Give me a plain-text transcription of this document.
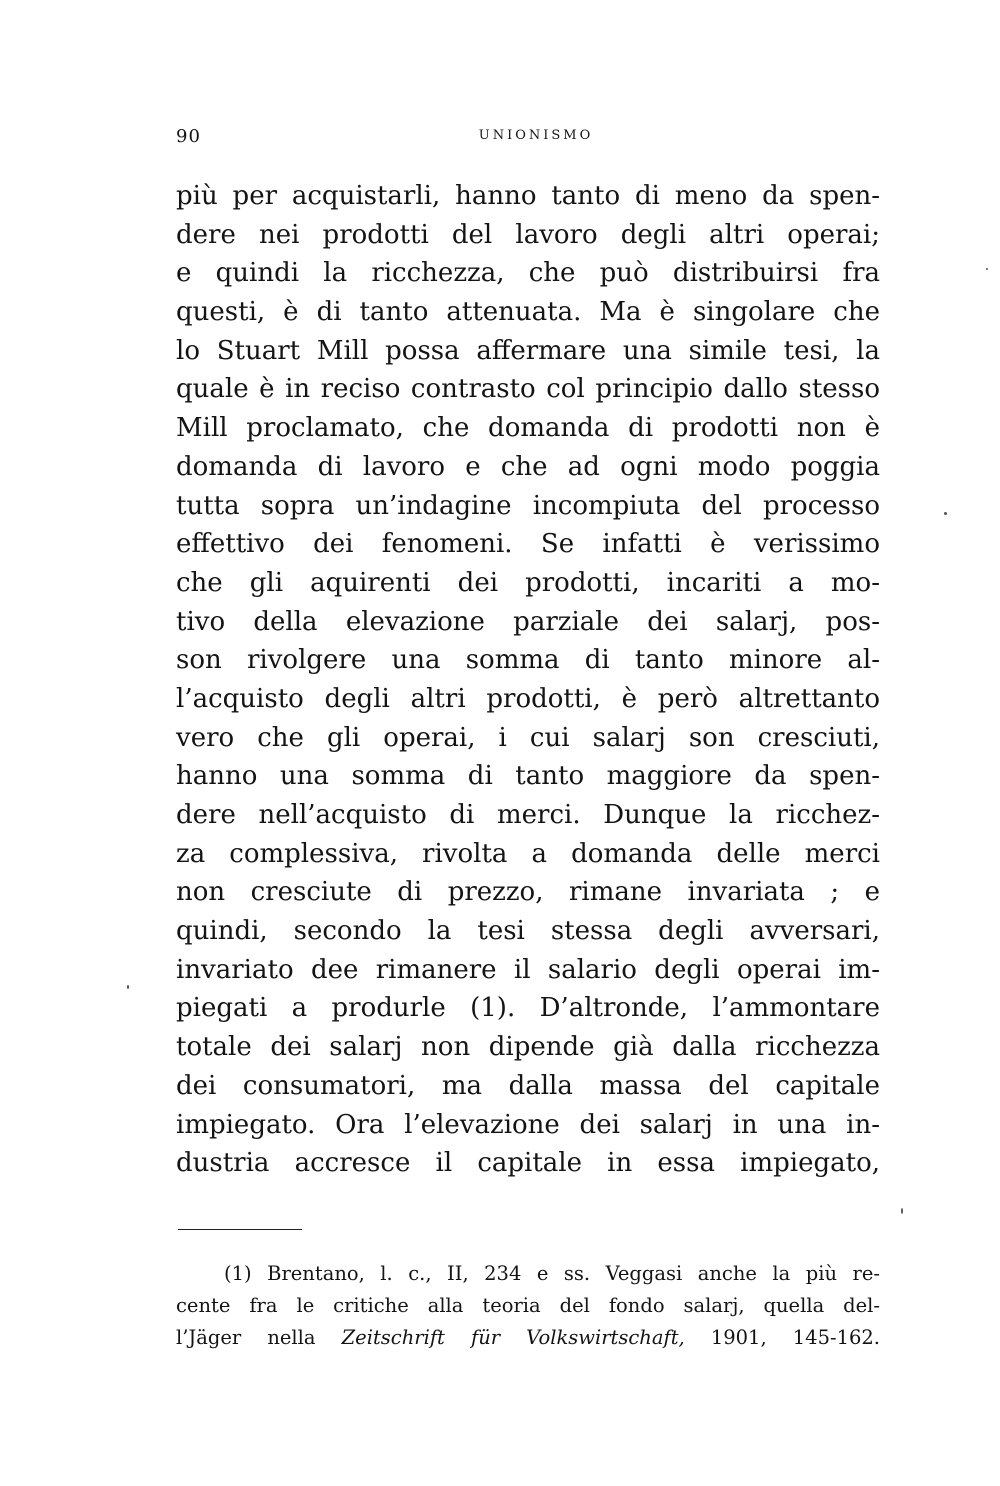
90	UNIONISMO
più per acquistarli, hanno tanto di meno da spen-
dere nei prodotti del lavoro degli altri operai;
e quindi la ricchezza, che può distribuirsi fra
questi, è di tanto attenuata. Ma è singolare che
lo Stuart Mill possa affermare una simile tesi, la
quale è in reciso contrasto col principio dallo stesso
Mill proclamato, che domanda di prodotti non è
domanda di lavoro e che ad ogni modo poggia
tutta sopra un’indagine incompiuta del processo
effettivo dei fenomeni. Se infatti è verissimo
che gli aquirenti dei prodotti, incariti a mo-
tivo della elevazione parziale dei salarj, pos-
son rivolgere una somma di tanto minore al-
l’acquisto degli altri prodotti, è però altrettanto
vero che gli operai, i cui salarj son cresciuti,
hanno una somma di tanto maggiore da spen-
dere nell’acquisto di merci. Dunque la ricchez-
za complessiva, rivolta a domanda delle merci
non cresciute di prezzo, rimane invariata ; e
quindi, secondo la tesi stessa degli avversari,
invariato dee rimanere il salario degli operai im-
piegati a produrle (1). D’altronde, l’ammontare
totale dei salarj non dipende già dalla ricchezza
dei consumatori, ma dalla massa del capitale
impiegato. Ora l’elevazione dei salarj in una in-
dustria accresce il capitale in essa impiegato,
(1) Brentano, l. c., II, 234 e ss. Veggasi anche la più re-
cente fra le critiche alla teoria del fondo salarj, quella del-
l’Jäger nella Zeitschrift für Volkswirtschaft, 1901, 145-162.
